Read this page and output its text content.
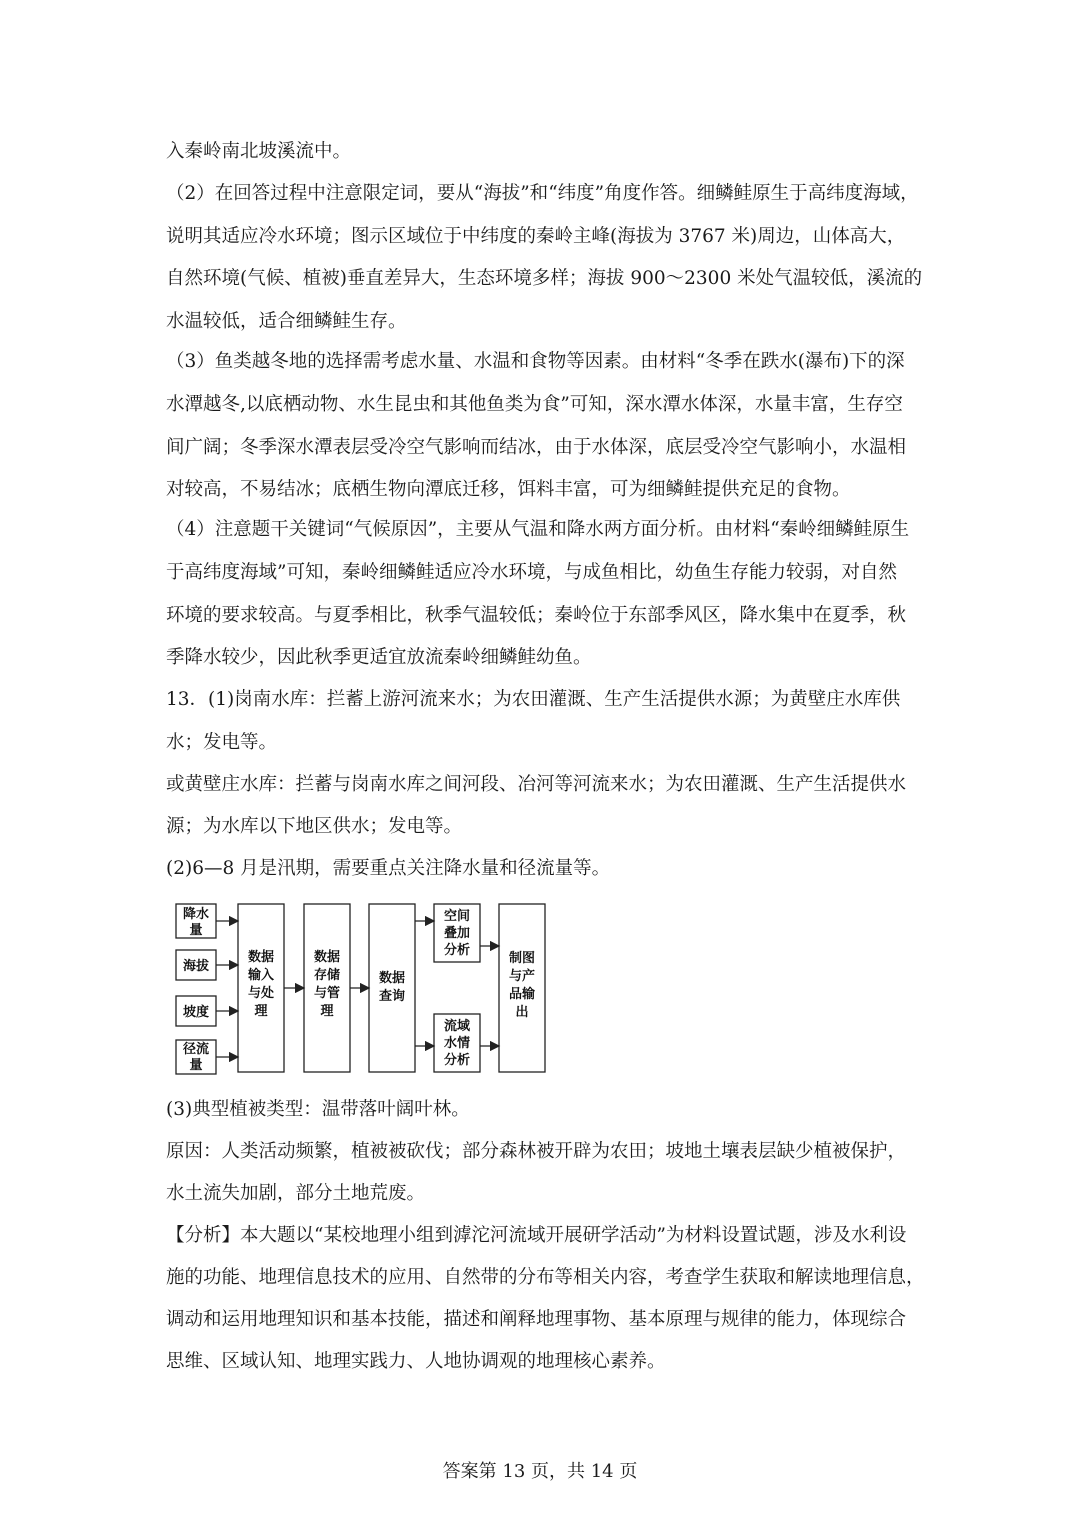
入秦岭南北坡溪流中。
（2）在回答过程中注意限定词，要从“海拔”和“纬度”角度作答。细鳞鲑原生于高纬度海域，
说明其适应冷水环境；图示区域位于中纬度的秦岭主峰(海拔为 3767 米)周边，山体高大，
自然环境(气候、植被)垂直差异大，生态环境多样；海拔 900～2300 米处气温较低，溪流的
水温较低，适合细鳞鲑生存。
（3）鱼类越冬地的选择需考虑水量、水温和食物等因素。由材料“冬季在跌水(瀑布)下的深
水潭越冬,以底栖动物、水生昆虫和其他鱼类为食”可知，深水潭水体深，水量丰富，生存空
间广阔；冬季深水潭表层受冷空气影响而结冰，由于水体深，底层受冷空气影响小，水温相
对较高，不易结冰；底栖生物向潭底迁移，饵料丰富，可为细鳞鲑提供充足的食物。
（4）注意题干关键词“气候原因”，主要从气温和降水两方面分析。由材料“秦岭细鳞鲑原生
于高纬度海域”可知，秦岭细鳞鲑适应冷水环境，与成鱼相比，幼鱼生存能力较弱，对自然
环境的要求较高。与夏季相比，秋季气温较低；秦岭位于东部季风区，降水集中在夏季，秋
季降水较少，因此秋季更适宜放流秦岭细鳞鲑幼鱼。
13．(1)岗南水库：拦蓄上游河流来水；为农田灌溉、生产生活提供水源；为黄壁庄水库供
水；发电等。
或黄壁庄水库：拦蓄与岗南水库之间河段、冶河等河流来水；为农田灌溉、生产生活提供水
源；为水库以下地区供水；发电等。
(2)6—8 月是汛期，需要重点关注降水量和径流量等。
降水
量
海拔
坡度
径流
量
数据
输入
与处
理
数据
存储
与管
理
数据
查询
空间
叠加
分析
流域
水情
分析
制图
与产
品输
出
(3)典型植被类型：温带落叶阔叶林。
原因：人类活动频繁，植被被砍伐；部分森林被开辟为农田；坡地土壤表层缺少植被保护，
水土流失加剧，部分土地荒废。
【分析】本大题以“某校地理小组到滹沱河流域开展研学活动”为材料设置试题，涉及水利设
施的功能、地理信息技术的应用、自然带的分布等相关内容，考查学生获取和解读地理信息，
调动和运用地理知识和基本技能，描述和阐释地理事物、基本原理与规律的能力，体现综合
思维、区域认知、地理实践力、人地协调观的地理核心素养。
答案第 13 页，共 14 页
